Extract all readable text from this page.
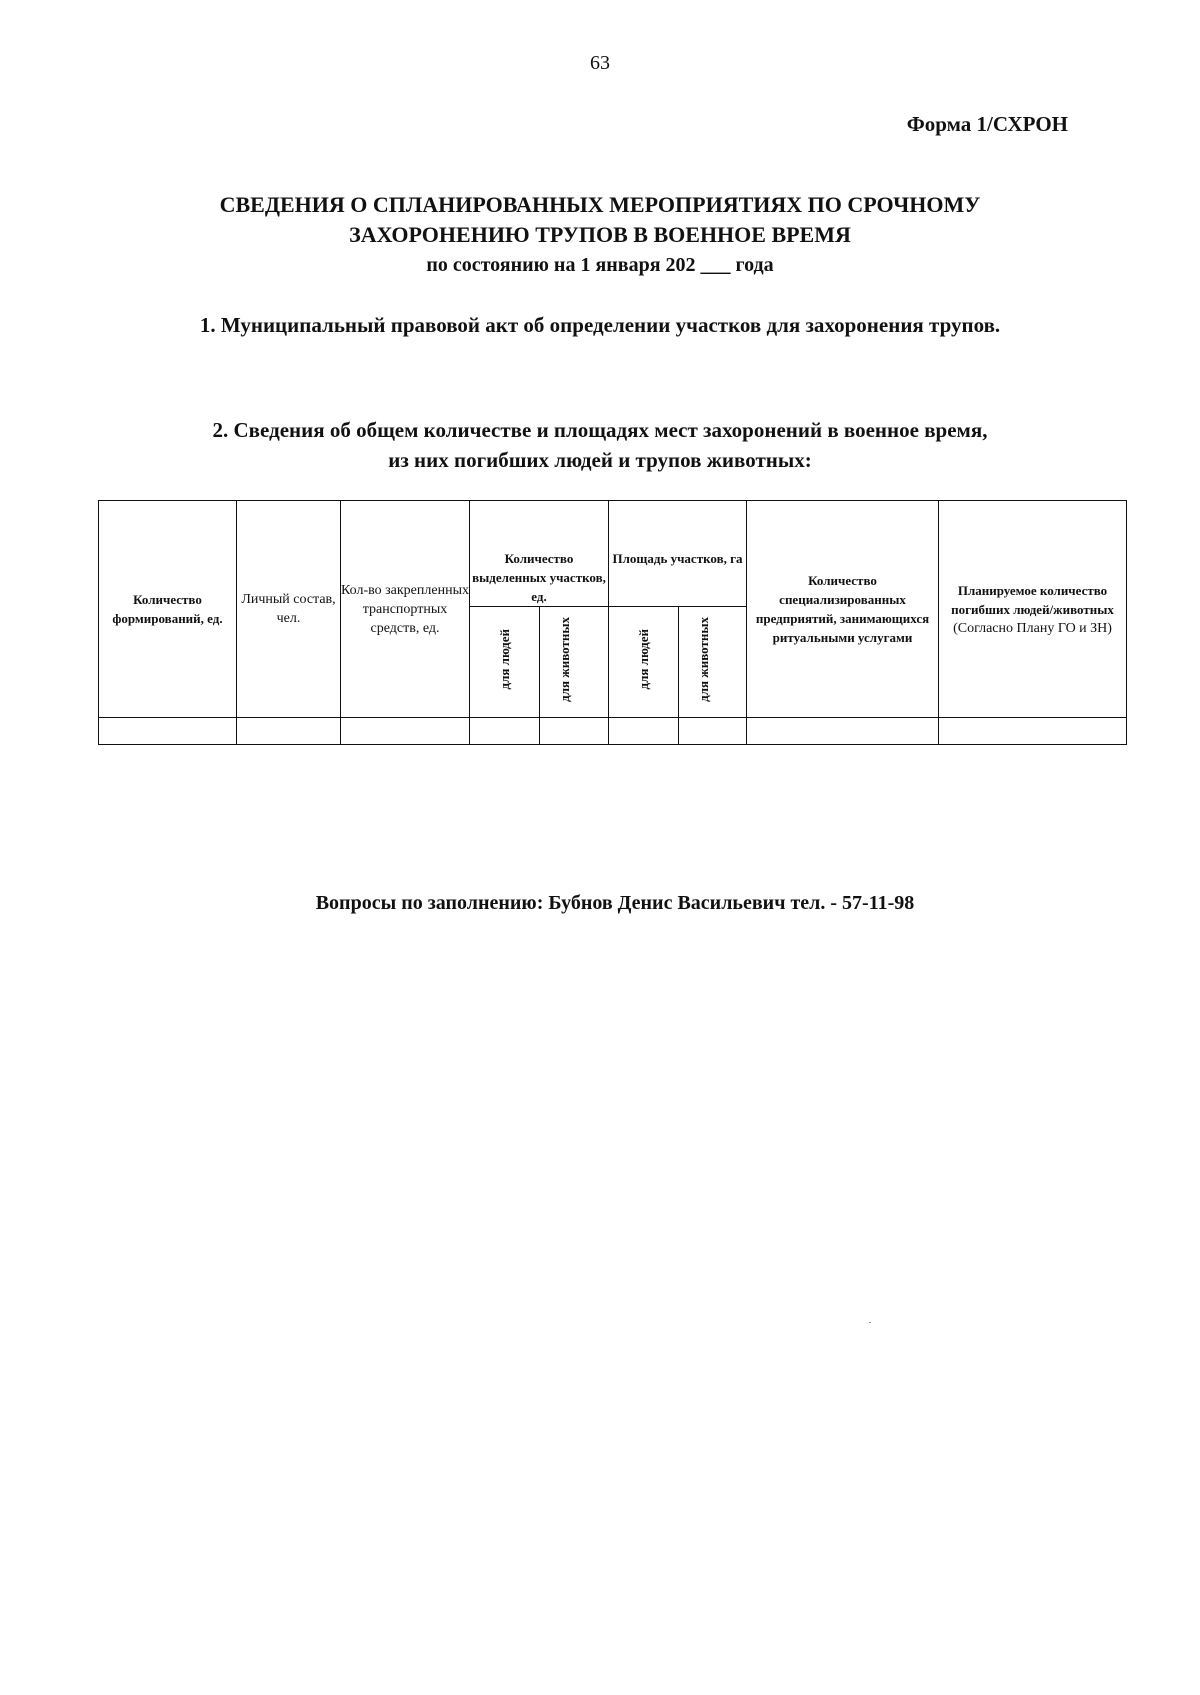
63
Форма 1/СХРОН
СВЕДЕНИЯ О СПЛАНИРОВАННЫХ МЕРОПРИЯТИЯХ ПО СРОЧНОМУ
ЗАХОРОНЕНИЮ ТРУПОВ В ВОЕННОЕ ВРЕМЯ
по состоянию на 1 января 202 ___ года
1. Муниципальный правовой акт об определении участков для захоронения трупов.
2. Сведения об общем количестве и площадях мест захоронений в военное время,
из них погибших людей и трупов животных:
Количество формирований, ед.	Личный состав, чел.	Кол-во закрепленных транспортных средств, ед.	Количество выделенных участков, ед.		Площадь участков, га		Количество специализированных предприятий, занимающихся ритуальными услугами	Планируемое количество погибших людей/животных
(Согласно Плану ГО и ЗН)

			для людей	для животных	для людей	для животных		

Вопросы по заполнению: Бубнов Денис Васильевич тел. - 57-11-98
